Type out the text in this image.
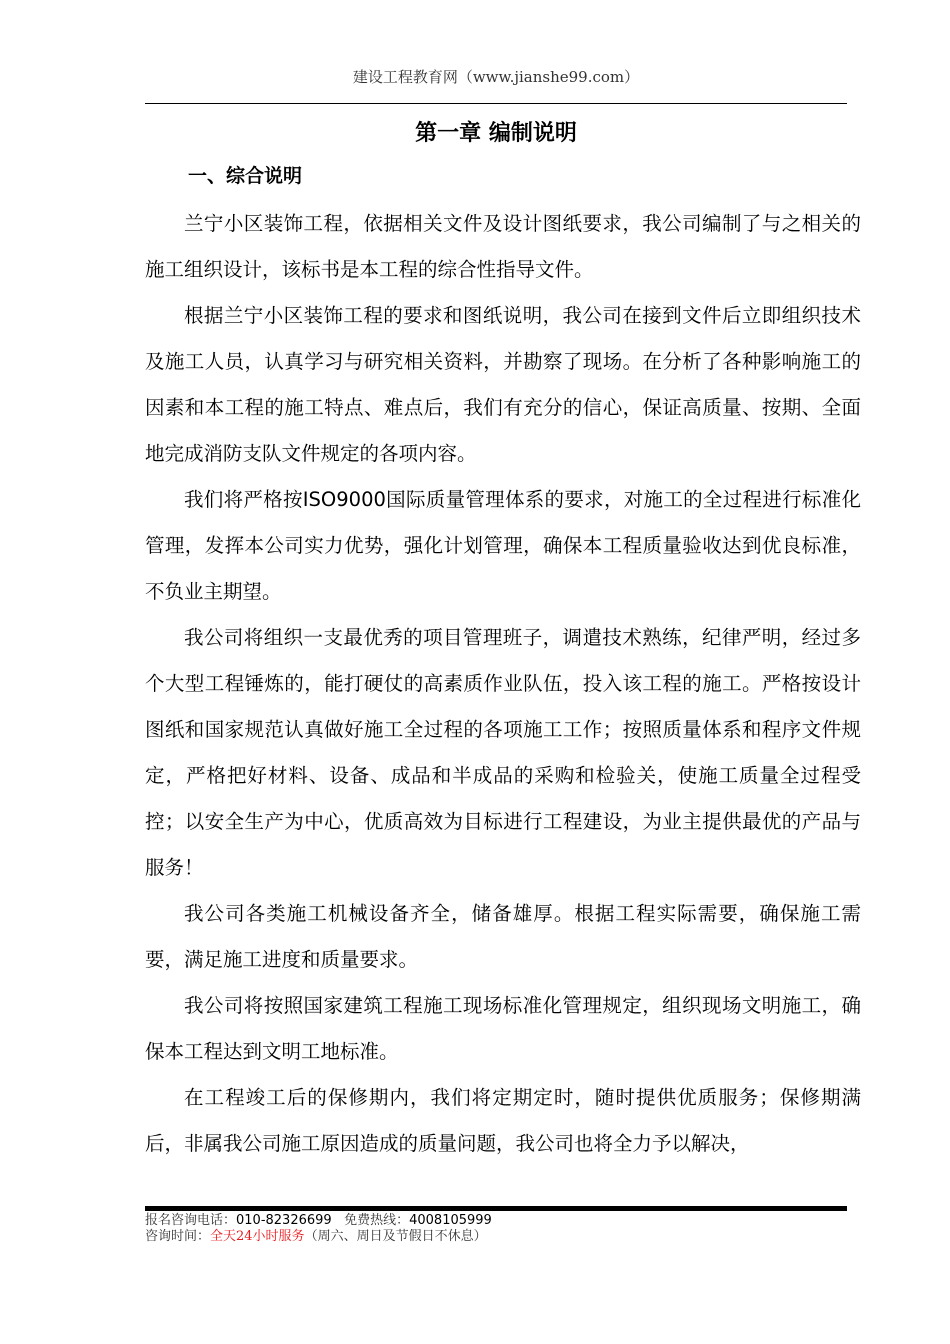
建设工程教育网（www.jianshe99.com）
第一章 编制说明
一、综合说明

兰宁小区装饰工程，依据相关文件及设计图纸要求，我公司编制了与之相关的施工组织设计，该标书是本工程的综合性指导文件。

根据兰宁小区装饰工程的要求和图纸说明，我公司在接到文件后立即组织技术及施工人员，认真学习与研究相关资料，并勘察了现场。在分析了各种影响施工的因素和本工程的施工特点、难点后，我们有充分的信心，保证高质量、按期、全面地完成消防支队文件规定的各项内容。

我们将严格按ISO9000国际质量管理体系的要求，对施工的全过程进行标准化管理，发挥本公司实力优势，强化计划管理，确保本工程质量验收达到优良标准，不负业主期望。

我公司将组织一支最优秀的项目管理班子，调遣技术熟练，纪律严明，经过多个大型工程锤炼的，能打硬仗的高素质作业队伍，投入该工程的施工。严格按设计图纸和国家规范认真做好施工全过程的各项施工工作；按照质量体系和程序文件规定，严格把好材料、设备、成品和半成品的采购和检验关，使施工质量全过程受控；以安全生产为中心，优质高效为目标进行工程建设，为业主提供最优的产品与服务！

我公司各类施工机械设备齐全，储备雄厚。根据工程实际需要，确保施工需要，满足施工进度和质量要求。

我公司将按照国家建筑工程施工现场标准化管理规定，组织现场文明施工，确保本工程达到文明工地标准。

在工程竣工后的保修期内，我们将定期定时，随时提供优质服务；保修期满后，非属我公司施工原因造成的质量问题，我公司也将全力予以解决，

报名咨询电话：010-82326699 免费热线：4008105999
咨询时间：全天24小时服务（周六、周日及节假日不休息）
